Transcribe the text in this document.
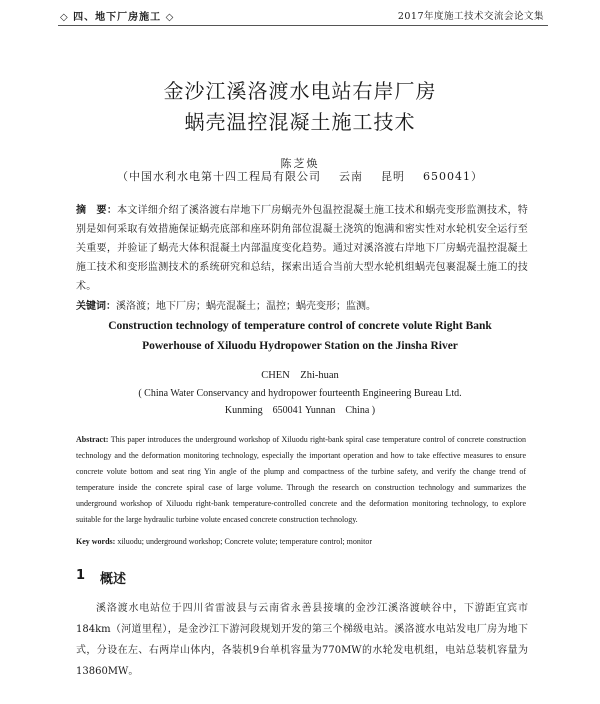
◇ 四、地下厂房施工 ◇	2017年度施工技术交流会论文集
金沙江溪洛渡水电站右岸厂房
蜗壳温控混凝土施工技术
陈芝焕
（中国水利水电第十四工程局有限公司    云南    昆明    650041）
摘　要：本文详细介绍了溪洛渡右岸地下厂房蜗壳外包温控混凝土施工技术和蜗壳变形监测技术，特别是如何采取有效措施保证蜗壳底部和座环阴角部位混凝土浇筑的饱满和密实性对水轮机安全运行至关重要，并验证了蜗壳大体积混凝土内部温度变化趋势。通过对溪洛渡右岸地下厂房蜗壳温控混凝土施工技术和变形监测技术的系统研究和总结，探索出适合当前大型水轮机组蜗壳包裹混凝土施工的技术。
关键词：溪洛渡；地下厂房；蜗壳混凝土；温控；蜗壳变形；监测。
Construction technology of temperature control of concrete volute Right Bank
Powerhouse of Xiluodu Hydropower Station on the Jinsha River
CHEN    Zhi-huan
( China Water Conservancy and hydropower fourteenth Engineering Bureau Ltd.
Kunming    650041 Yunnan    China )
Abstract: This paper introduces the underground workshop of Xiluodu right-bank spiral case temperature control of concrete construction technology and the deformation monitoring technology, especially the important operation and how to take effective measures to ensure concrete volute bottom and seat ring Yin angle of the plump and compactness of the turbine safety, and verify the change trend of temperature inside the concrete spiral case of large volume. Through the research on construction technology and summarizes the underground workshop of Xiluodu right-bank temperature-controlled concrete and the deformation monitoring technology, to explore suitable for the large hydraulic turbine volute encased concrete construction technology.
Key words: xiluodu; underground workshop; Concrete volute; temperature control; monitor
1 概述
溪洛渡水电站位于四川省雷波县与云南省永善县接壤的金沙江溪洛渡峡谷中，下游距宜宾市184km（河道里程），是金沙江下游河段规划开发的第三个梯级电站。溪洛渡水电站发电厂房为地下式，分设在左、右两岸山体内，各装机9台单机容量为770MW的水轮发电机组，电站总装机容量为13860MW。
